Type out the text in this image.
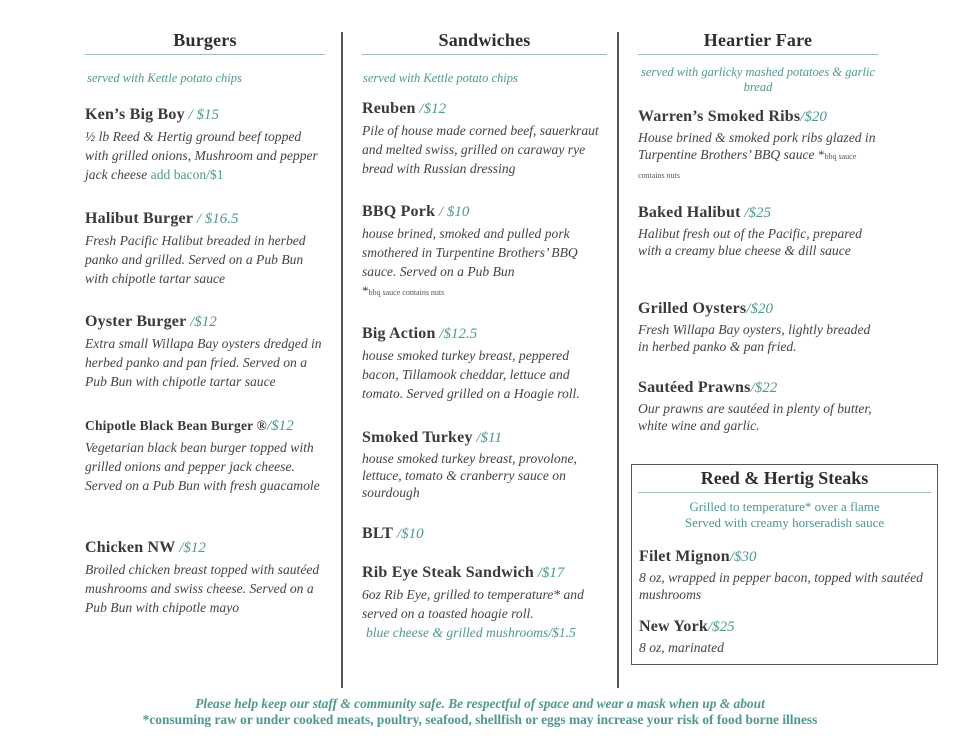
Burgers
served with Kettle potato chips
Ken’s Big Boy / $15
½ lb Reed & Hertig ground beef topped with grilled onions, Mushroom and pepper jack cheese add bacon/$1
Halibut Burger / $16.5
Fresh Pacific Halibut breaded in herbed panko and grilled. Served on a Pub Bun with chipotle tartar sauce
Oyster Burger /$12
Extra small Willapa Bay oysters dredged in herbed panko and pan fried. Served on a Pub Bun with chipotle tartar sauce
Chipotle Black Bean Burger ®/$12
Vegetarian black bean burger topped with grilled onions and pepper jack cheese. Served on a Pub Bun with fresh guacamole
Chicken NW /$12
Broiled chicken breast topped with sautéed mushrooms and swiss cheese. Served on a Pub Bun with chipotle mayo
Sandwiches
served with Kettle potato chips
Reuben /$12
Pile of house made corned beef, sauerkraut and melted swiss, grilled on caraway rye bread with Russian dressing
BBQ Pork / $10
house brined, smoked and pulled pork smothered in Turpentine Brothers’ BBQ sauce. Served on a Pub Bun
*bbq sauce contains nuts
Big Action /$12.5
house smoked turkey breast, peppered bacon, Tillamook cheddar, lettuce and tomato. Served grilled on a Hoagie roll.
Smoked Turkey /$11
house smoked turkey breast, provolone, lettuce, tomato & cranberry sauce on sourdough
BLT /$10
Rib Eye Steak Sandwich /$17
6oz Rib Eye, grilled to temperature* and served on a toasted hoagie roll.
blue cheese & grilled mushrooms/$1.5
Heartier Fare
served with garlicky mashed potatoes & garlic bread
Warren’s Smoked Ribs/$20
House brined & smoked pork ribs glazed in Turpentine Brothers’ BBQ sauce *bbq sauce contains nuts
Baked Halibut /$25
Halibut fresh out of the Pacific, prepared with a creamy blue cheese & dill sauce
Grilled Oysters/$20
Fresh Willapa Bay oysters, lightly breaded in herbed panko & pan fried.
Sautéed Prawns/$22
Our prawns are sautéed in plenty of butter, white wine and garlic.
Reed & Hertig Steaks
Grilled to temperature* over a flame
Served with creamy horseradish sauce
Filet Mignon/$30
8 oz, wrapped in pepper bacon, topped with sautéed mushrooms
New York/$25
8 oz, marinated
Please help keep our staff & community safe. Be respectful of space and wear a mask when up & about
*consuming raw or under cooked meats, poultry, seafood, shellfish or eggs may increase your risk of food borne illness
